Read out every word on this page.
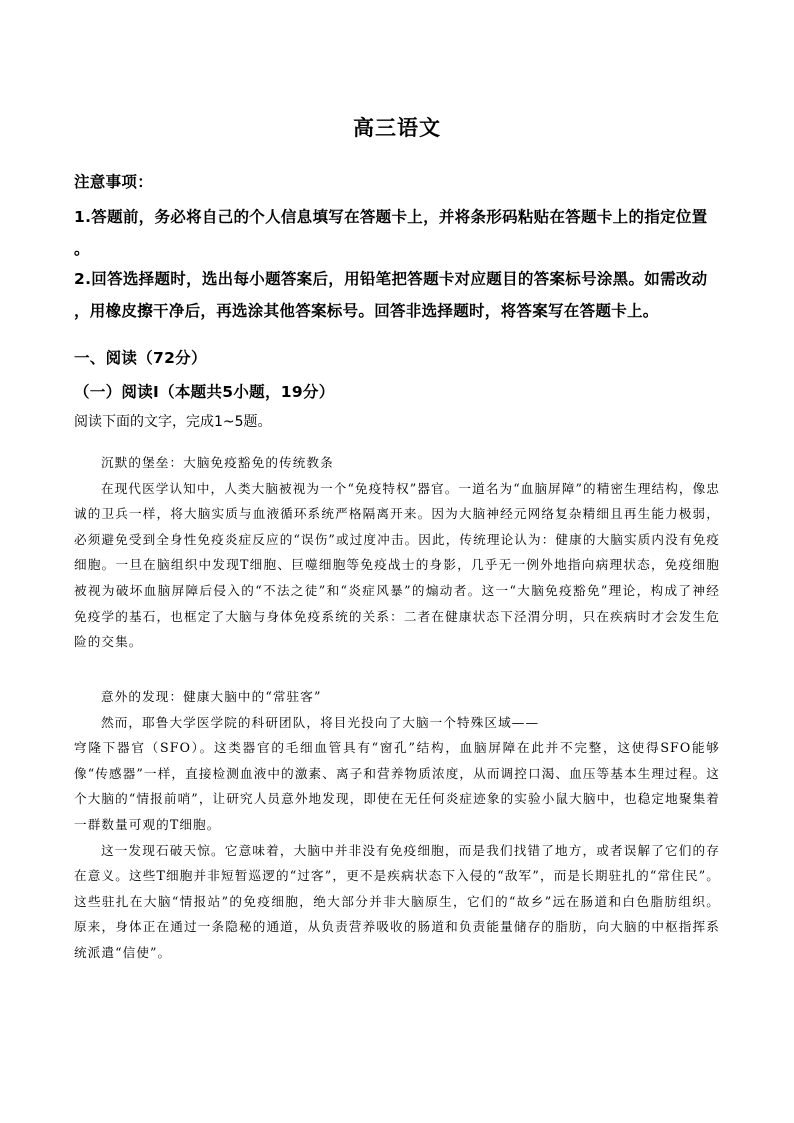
高三语文
注意事项：
1.答题前，务必将自己的个人信息填写在答题卡上，并将条形码粘贴在答题卡上的指定位置
。
2.回答选择题时，选出每小题答案后，用铅笔把答题卡对应题目的答案标号涂黑。如需改动
，用橡皮擦干净后，再选涂其他答案标号。回答非选择题时，将答案写在答题卡上。
一、阅读（72分）
（一）阅读Ⅰ（本题共5小题，19分）
阅读下面的文字，完成1~5题。

沉默的堡垒：大脑免疫豁免的传统教条

在现代医学认知中，人类大脑被视为一个“免疫特权”器官。一道名为“血脑屏障”的精密生理结构，像忠诚的卫兵一样，将大脑实质与血液循环系统严格隔离开来。因为大脑神经元网络复杂精细且再生能力极弱，必须避免受到全身性免疫炎症反应的“误伤”或过度冲击。因此，传统理论认为：健康的大脑实质内没有免疫细胞。一旦在脑组织中发现T细胞、巨噬细胞等免疫战士的身影，几乎无一例外地指向病理状态，免疫细胞被视为破坏血脑屏障后侵入的“不法之徒”和“炎症风暴”的煽动者。这一“大脑免疫豁免”理论，构成了神经免疫学的基石，也框定了大脑与身体免疫系统的关系：二者在健康状态下泾渭分明，只在疾病时才会发生危险的交集。

意外的发现：健康大脑中的“常驻客”

然而，耶鲁大学医学院的科研团队，将目光投向了大脑一个特殊区域——

穹隆下器官（SFO）。这类器官的毛细血管具有“窗孔”结构，血脑屏障在此并不完整，这使得SFO能够像“传感器”一样，直接检测血液中的激素、离子和营养物质浓度，从而调控口渴、血压等基本生理过程。这个大脑的“情报前哨”，让研究人员意外地发现，即使在无任何炎症迹象的实验小鼠大脑中，也稳定地聚集着一群数量可观的T细胞。

这一发现石破天惊。它意味着，大脑中并非没有免疫细胞，而是我们找错了地方，或者误解了它们的存在意义。这些T细胞并非短暂巡逻的“过客”，更不是疾病状态下入侵的“敌军”，而是长期驻扎的“常住民”。这些驻扎在大脑“情报站”的免疫细胞，绝大部分并非大脑原生，它们的“故乡”远在肠道和白色脂肪组织。原来，身体正在通过一条隐秘的通道，从负责营养吸收的肠道和负责能量储存的脂肪，向大脑的中枢指挥系统派遣“信使”。
